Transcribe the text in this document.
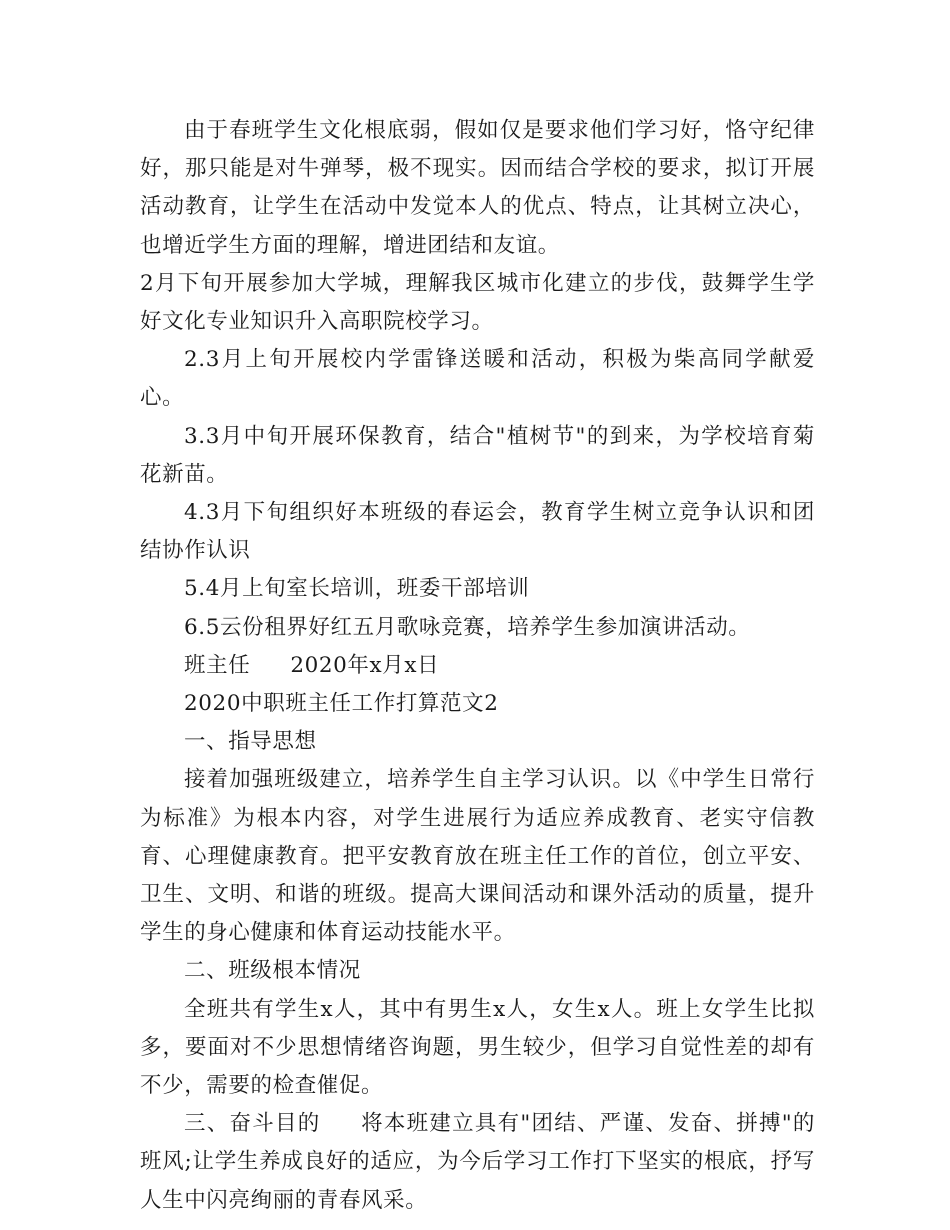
由于春班学生文化根底弱，假如仅是要求他们学习好，恪守纪律好，那只能是对牛弹琴，极不现实。因而结合学校的要求，拟订开展活动教育，让学生在活动中发觉本人的优点、特点，让其树立决心，也增近学生方面的理解，增进团结和友谊。

2月下旬开展参加大学城，理解我区城市化建立的步伐，鼓舞学生学好文化专业知识升入高职院校学习。

2.3月上旬开展校内学雷锋送暖和活动，积极为柴高同学献爱心。

3.3月中旬开展环保教育，结合"植树节"的到来，为学校培育菊花新苗。

4.3月下旬组织好本班级的春运会，教育学生树立竞争认识和团结协作认识

5.4月上旬室长培训，班委干部培训

6.5云份租界好红五月歌咏竞赛，培养学生参加演讲活动。

班主任 2020年x月x日

2020中职班主任工作打算范文2

一、指导思想

接着加强班级建立，培养学生自主学习认识。以《中学生日常行为标准》为根本内容，对学生进展行为适应养成教育、老实守信教育、心理健康教育。把平安教育放在班主任工作的首位，创立平安、卫生、文明、和谐的班级。提高大课间活动和课外活动的质量，提升学生的身心健康和体育运动技能水平。

二、班级根本情况

全班共有学生x人，其中有男生x人，女生x人。班上女学生比拟多，要面对不少思想情绪咨询题，男生较少，但学习自觉性差的却有不少，需要的检查催促。

三、奋斗目的 将本班建立具有"团结、严谨、发奋、拼搏"的班风;让学生养成良好的适应，为今后学习工作打下坚实的根底，抒写人生中闪亮绚丽的青春风采。
